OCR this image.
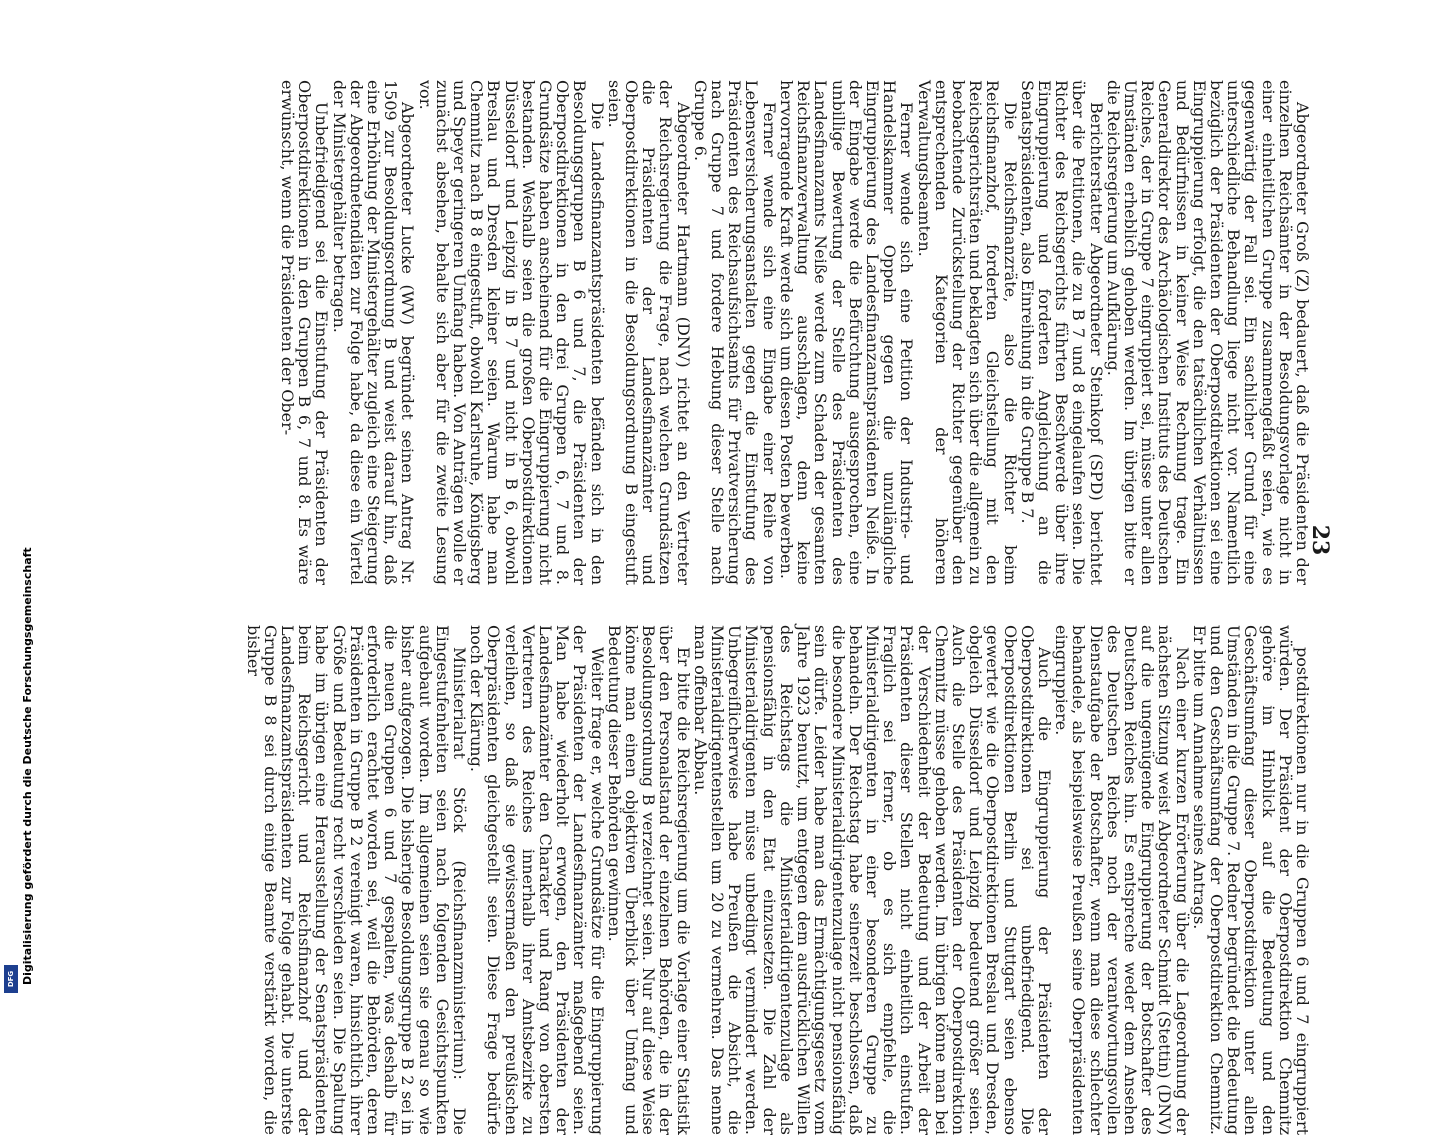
23

Abgeordneter Groß (Z) bedauert, daß die Präsidenten der einzelnen Reichsämter in der Besoldungsvorlage nicht in einer einheitlichen Gruppe zusammengefaßt seien, wie es gegenwärtig der Fall sei. Ein sachlicher Grund für eine unterschiedliche Behandlung liege nicht vor. Namentlich bezüglich der Präsidenten der Oberpostdirektionen sei eine Eingruppierung erfolgt, die den tatsächlichen Verhältnissen und Bedürfnissen in keiner Weise Rechnung trage. Ein Generaldirektor des Archäologischen Instituts des Deutschen Reiches, der in Gruppe 7 eingruppiert sei, müsse unter allen Umständen erheblich gehoben werden. Im übrigen bitte er die Reichsregierung um Aufklärung.

Berichterstatter Abgeordneter Steinkopf (SPD) berichtet über die Petitionen, die zu B 7 und 8 eingelaufen seien. Die Richter des Reichsgerichts führten Beschwerde über ihre Eingruppierung und forderten Angleichung an die Senatspräsidenten, also Einreihung in die Gruppe B 7.

Die Reichsfinanzräte, also die Richter beim Reichsfinanzhof, forderten Gleichstellung mit den Reichsgerichtsräten und beklagten sich über die allgemein zu beobachtende Zurückstellung der Richter gegenüber den entsprechenden Kategorien der höheren Verwaltungsbeamten.

Ferner wende sich eine Petition der Industrie- und Handelskammer Oppeln gegen die unzulängliche Eingruppierung des Landesfinanzamtspräsidenten Neiße. In der Eingabe werde die Befürchtung ausgesprochen, eine unbillige Bewertung der Stelle des Präsidenten des Landesfinanzamts Neiße werde zum Schaden der gesamten Reichsfinanzverwaltung ausschlagen, denn keine hervorragende Kraft werde sich um diesen Posten bewerben.

Ferner wende sich eine Eingabe einer Reihe von Lebensversicherungsanstalten gegen die Einstufung des Präsidenten des Reichsaufsichtsamts für Privatversicherung nach Gruppe 7 und fordere Hebung dieser Stelle nach Gruppe 6.

Abgeordneter Hartmann (DNV) richtet an den Vertreter der Reichsregierung die Frage, nach welchen Grundsätzen die Präsidenten der Landesfinanzämter und Oberpostdirektionen in die Besoldungsordnung B eingestuft seien.

Die Landesfinanzamtspräsidenten befänden sich in den Besoldungsgruppen B 6 und 7, die Präsidenten der Oberpostdirektionen in den drei Gruppen 6, 7 und 8. Grundsätze haben anscheinend für die Eingruppierung nicht bestanden. Weshalb seien die großen Oberpostdirektionen Düsseldorf und Leipzig in B 7 und nicht in B 6, obwohl Breslau und Dresden kleiner seien. Warum habe man Chemnitz nach B 8 eingestuft, obwohl Karlsruhe, Königsberg und Speyer geringeren Umfang haben. Von Anträgen wolle er zunächst absehen, behalte sich aber für die zweite Lesung vor.

Abgeordneter Lucke (WV) begründet seinen Antrag Nr. 1509 zur Besoldungsordnung B und weist darauf hin, daß eine Erhöhung der Ministergehälter zugleich eine Steigerung der Abgeordnetendiäten zur Folge habe, da diese ein Viertel der Ministergehälter betragen.

Unbefriedigend sei die Einstufung der Präsidenten der Oberpostdirektionen in den Gruppen B 6, 7 und 8. Es wäre erwünscht, wenn die Präsidenten der Ober-

postdirektionen nur in die Gruppen 6 und 7 eingruppiert würden. Der Präsident der Oberpostdirektion Chemnitz gehöre im Hinblick auf die Bedeutung und den Geschäftsumfang dieser Oberpostdirektion unter allen Umständen in die Gruppe 7. Redner begründet die Bedeutung und den Geschäftsumfang der Oberpostdirektion Chemnitz. Er bitte um Annahme seines Antrags.

Nach einer kurzen Erörterung über die Lageordnung der nächsten Sitzung weist Abgeordneter Schmidt (Stettin) (DNV) auf die ungenügende Eingruppierung der Botschafter des Deutschen Reiches hin. Es entspreche weder dem Ansehen des Deutschen Reiches noch der verantwortungsvollen Dienstaufgabe der Botschafter, wenn man diese schlechter behandele, als beispielsweise Preußen seine Oberpräsidenten eingruppiere.

Auch die Eingruppierung der Präsidenten der Oberpostdirektionen sei unbefriedigend. Die Oberpostdirektionen Berlin und Stuttgart seien ebenso gewertet wie die Oberpostdirektionen Breslau und Dresden, obgleich Düsseldorf und Leipzig bedeutend größer seien. Auch die Stelle des Präsidenten der Oberpostdirektion Chemnitz müsse gehoben werden. Im übrigen könne man bei der Verschiedenheit der Bedeutung und der Arbeit der Präsidenten dieser Stellen nicht einheitlich einstufen. Fraglich sei ferner, ob es sich empfehle, die Ministerialdirigenten in einer besonderen Gruppe zu behandeln. Der Reichstag habe seinerzeit beschlossen, daß die besondere Ministerialdirigentenzulage nicht pensionsfähig sein dürfe. Leider habe man das Ermächtigungsgesetz vom Jahre 1923 benutzt, um entgegen dem ausdrücklichen Willen des Reichstags die Ministerialdirigentenzulage als pensionsfähig in den Etat einzusetzen. Die Zahl der Ministerialdirigenten müsse unbedingt vermindert werden. Unbegreiflicherweise habe Preußen die Absicht, die Ministerialdirigentenstellen um 20 zu vermehren. Das nenne man offenbar Abbau.

Er bitte die Reichsregierung um die Vorlage einer Statistik über den Personalstand der einzelnen Behörden, die in der Besoldungsordnung B verzeichnet seien. Nur auf diese Weise könne man einen objektiven Überblick über Umfang und Bedeutung dieser Behörden gewinnen.

Weiter frage er, welche Grundsätze für die Eingruppierung der Präsidenten der Landesfinanzämter maßgebend seien. Man habe wiederholt erwogen, den Präsidenten der Landesfinanzämter den Charakter und Rang von obersten Vertretern des Reiches innerhalb ihrer Amtsbezirke zu verleihen, so daß sie gewissermaßen den preußischen Oberpräsidenten gleichgestellt seien. Diese Frage bedürfe noch der Klärung.

Ministerialrat Stöck (Reichsfinanzministerium): Die Eingestufenheiten seien nach folgenden Gesichtspunkten aufgebaut worden. Im allgemeinen seien sie genau so wie bisher aufgezogen. Die bisherige Besoldungsgruppe B 2 sei in die neuen Gruppen 6 und 7 gespalten, was deshalb für erforderlich erachtet worden sei, weil die Behörden, deren Präsidenten in Gruppe B 2 vereinigt waren, hinsichtlich ihrer Größe und Bedeutung recht verschieden seien. Die Spaltung habe im übrigen eine Herausstellung der Senatspräsidenten beim Reichsgericht und Reichsfinanzhof und der Landesfinanzamtspräsidenten zur Folge gehabt. Die unterste Gruppe B 8 sei durch einige Beamte verstärkt worden, die bisher

DFG Digitalisierung gefördert durch die Deutsche Forschungsgemeinschaft
